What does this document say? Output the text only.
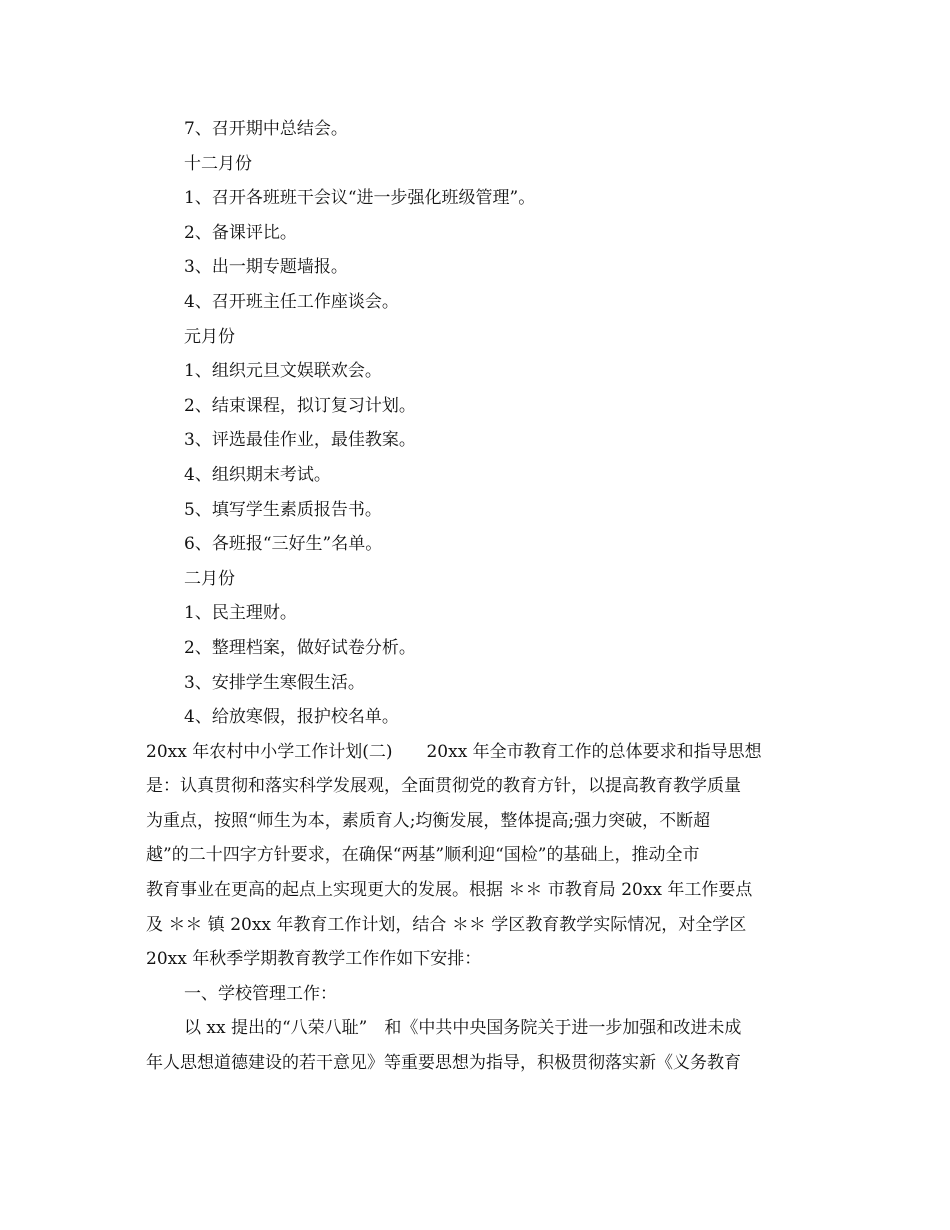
7、召开期中总结会。
十二月份
1、召开各班班干会议“进一步强化班级管理”。
2、备课评比。
3、出一期专题墙报。
4、召开班主任工作座谈会。
元月份
1、组织元旦文娱联欢会。
2、结束课程，拟订复习计划。
3、评选最佳作业，最佳教案。
4、组织期末考试。
5、填写学生素质报告书。
6、各班报“三好生”名单。
二月份
1、民主理财。
2、整理档案，做好试卷分析。
3、安排学生寒假生活。
4、给放寒假，报护校名单。
20xx 年农村中小学工作计划(二)　　20xx 年全市教育工作的总体要求和指导思想
是：认真贯彻和落实科学发展观，全面贯彻党的教育方针，以提高教育教学质量
为重点，按照“师生为本，素质育人;均衡发展，整体提高;强力突破，不断超
越”的二十四字方针要求，在确保“两基”顺利迎“国检”的基础上，推动全市
教育事业在更高的起点上实现更大的发展。根据 ＊＊ 市教育局 20xx 年工作要点
及 ＊＊ 镇 20xx 年教育工作计划，结合 ＊＊ 学区教育教学实际情况，对全学区
20xx 年秋季学期教育教学工作作如下安排：
一、学校管理工作：
以 xx 提出的“八荣八耻”　和《中共中央国务院关于进一步加强和改进未成
年人思想道德建设的若干意见》等重要思想为指导，积极贯彻落实新《义务教育
